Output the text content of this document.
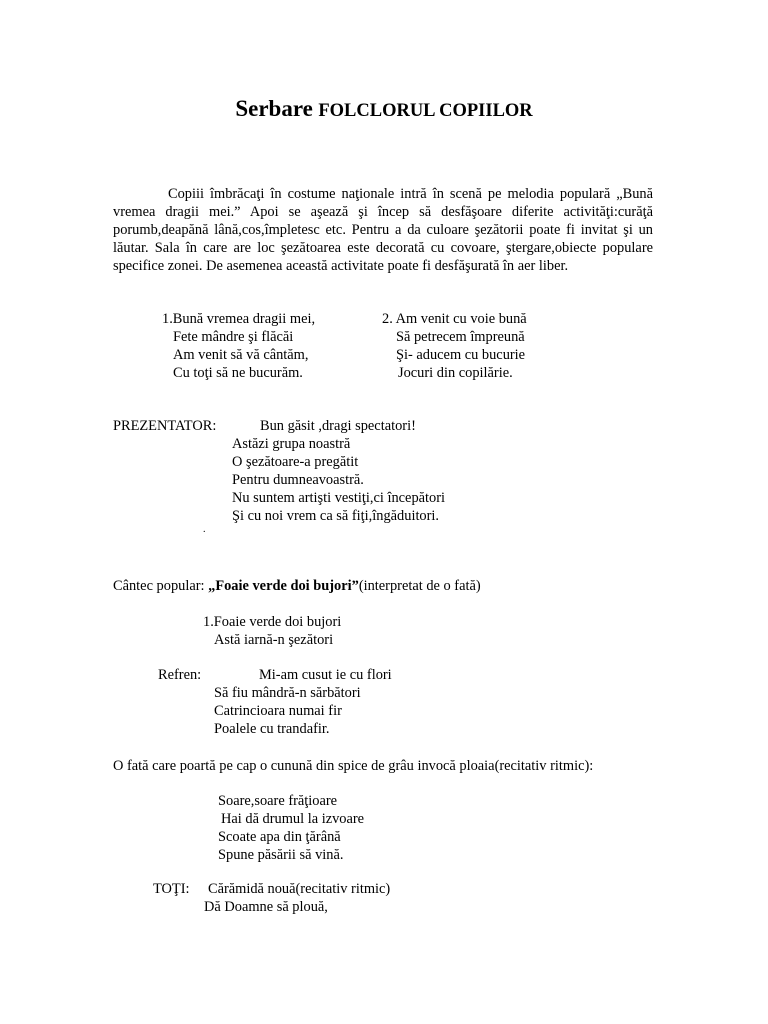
Serbare FOLCLORUL COPIILOR

Copiii îmbrăcaţi în costume naţionale intră în scenă pe melodia populară „Bună vremea dragii mei.” Apoi se aşează şi încep să desfăşoare diferite activităţi:curăţă porumb,deapănă lână,cos,împletesc etc. Pentru a da culoare şezătorii poate fi invitat şi un lăutar. Sala în care are loc şezătoarea este decorată cu covoare, ştergare,obiecte populare specifice zonei. De asemenea această activitate poate fi desfăşurată în aer liber.

1.Bună vremea dragii mei,
Fete mândre şi flăcăi
Am venit să vă cântăm,
Cu toţi să ne bucurăm.
2. Am venit cu voie bună
Să petrecem împreună
Şi- aducem cu bucurie
Jocuri din copilărie.
PREZENTATOR:	Bun găsit ,dragi spectatori!
Astăzi grupa noastră
O şezătoare-a pregătit
Pentru dumneavoastră.
Nu suntem artişti vestiţi,ci începători
Şi cu noi vrem ca să fiţi,îngăduitori.
.
Cântec popular: „Foaie verde doi bujori”(interpretat de o fată)
1.Foaie verde doi bujori
Astă iarnă-n şezători
Refren:	Mi-am cusut ie cu flori
Să fiu mândră-n sărbători
Catrincioara numai fir
Poalele cu trandafir.
O fată care poartă pe cap o cunună din spice de grâu invocă ploaia(recitativ ritmic):
Soare,soare frăţioare
Hai dă drumul la izvoare
Scoate apa din ţărână
Spune păsării să vină.
TOŢI: Cărămidă nouă(recitativ ritmic)
Dă Doamne să plouă,
